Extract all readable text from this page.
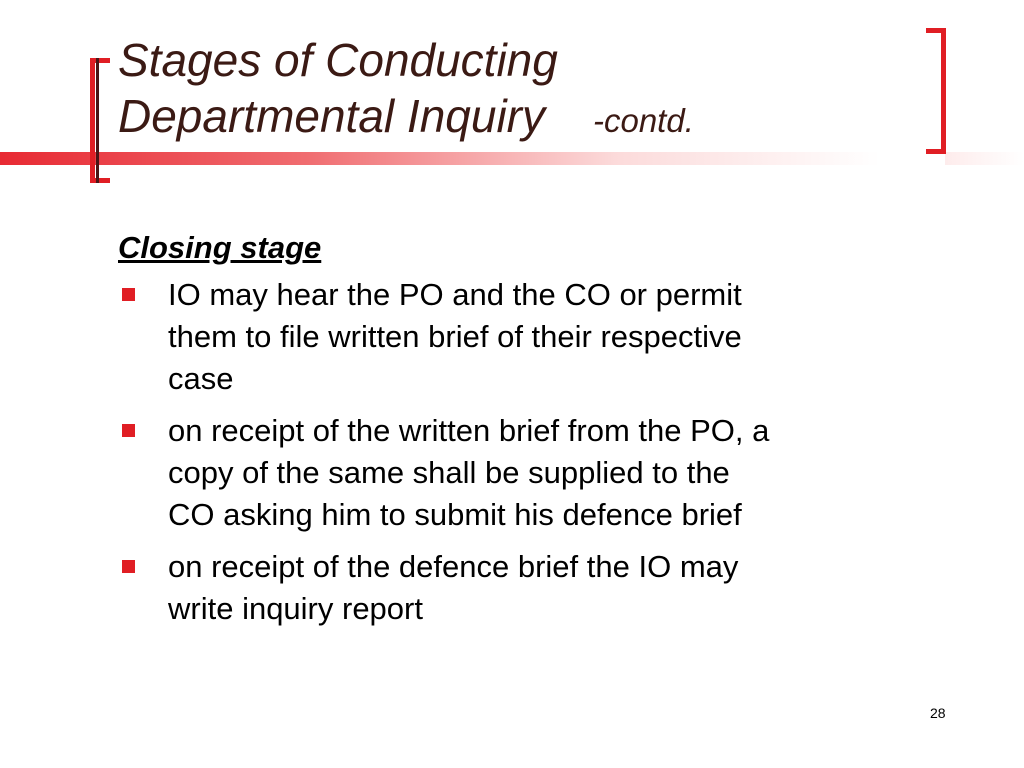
Stages of Conducting
Departmental Inquiry -contd.
Closing stage
IO may hear the PO and the CO or permit
them to file written brief of their respective
case
on receipt of the written brief from the PO, a
copy of the same shall be supplied to the
CO asking him to submit his defence brief
on receipt of the defence brief the IO may
write inquiry report
28
